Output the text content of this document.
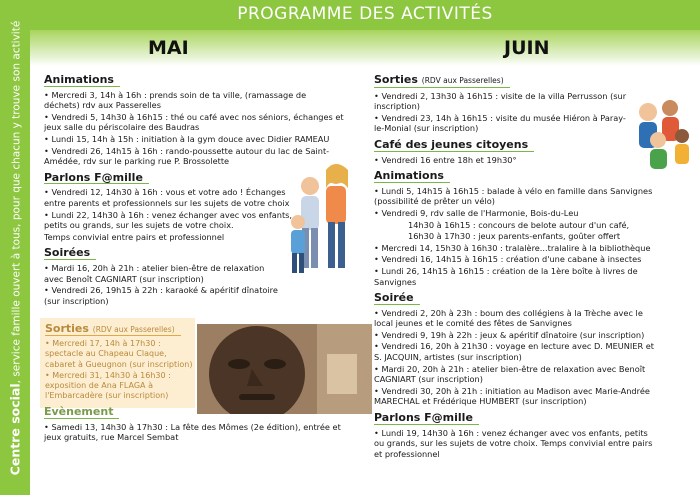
Centre social, service famille ouvert à tous, pour que chacun y trouve son activité
PROGRAMME DES ACTIVITÉS
MAI	JUIN
Animations
• Mercredi 3, 14h à 16h : prends soin de ta ville, (ramassage de déchets) rdv aux Passerelles
• Vendredi 5, 14h30 à 16h15 : thé ou café avec nos séniors, échanges et jeux salle du périscolaire des Baudras
• Lundi 15, 14h à 15h : initiation à la gym douce avec Didier RAMEAU
• Vendredi 26, 14h15 à 16h : rando-poussette autour du lac de Saint-Amédée, rdv sur le parking rue P. Brossolette
Parlons F@mille
• Vendredi 12, 14h30 à 16h : vous et votre ado ! Échanges entre parents et professionnels sur les sujets de votre choix
• Lundi 22, 14h30 à 16h : venez échanger avec vos enfants, petits ou grands, sur les sujets de votre choix.
Temps convivial entre pairs et professionnel
Soirées
• Mardi 16, 20h à 21h : atelier bien-être de relaxation avec Benoît CAGNIART (sur inscription)
• Vendredi 26, 19h15 à 22h : karaoké & apéritif dînatoire (sur inscription)
Sorties (RDV aux Passerelles)
• Mercredi 17, 14h à 17h30 : spectacle au Chapeau Claque, cabaret à Gueugnon (sur inscription)
• Mercredi 31, 14h30 à 16h30 : exposition de Ana FLAGA à l'Embarcadère (sur inscription)
Evènement
• Samedi 13, 14h30 à 17h30 : La fête des Mômes (2e édition), entrée et jeux gratuits, rue Marcel Sembat
Sorties (RDV aux Passerelles)
• Vendredi 2, 13h30 à 16h15 : visite de la villa Perrusson (sur inscription)
• Vendredi 23, 14h à 16h15 : visite du musée Hiéron à Paray-le-Monial (sur inscription)
Café des jeunes citoyens
• Vendredi 16 entre 18h et 19h30°
Animations
• Lundi 5, 14h15 à 16h15 : balade à vélo en famille dans Sanvignes (possibilité de prêter un vélo)
• Vendredi 9, rdv salle de l'Harmonie, Bois-du-Leu
14h30 à 16h15 : concours de belote autour d'un café,
16h30 à 17h30 : jeux parents-enfants, goûter offert
• Mercredi 14, 15h30 à 16h30 : tralalère...tralalire à la bibliothèque
• Vendredi 16, 14h15 à 16h15 : création d'une cabane à insectes
• Lundi 26, 14h15 à 16h15 : création de la 1ère boîte à livres de Sanvignes
Soirée
• Vendredi 2, 20h à 23h : boum des collégiens à la Trèche avec le local jeunes et le comité des fêtes de Sanvignes
• Vendredi 9, 19h à 22h : jeux & apéritif dînatoire (sur inscription)
• Vendredi 16, 20h à 21h30 : voyage en lecture avec D. MEUNIER et S. JACQUIN, artistes (sur inscription)
• Mardi 20, 20h à 21h : atelier bien-être de relaxation avec Benoît CAGNIART (sur inscription)
• Vendredi 30, 20h à 21h : initiation au Madison avec Marie-Andrée MARECHAL et Frédérique HUMBERT (sur inscription)
Parlons F@mille
• Lundi 19, 14h30 à 16h : venez échanger avec vos enfants, petits ou grands, sur les sujets de votre choix. Temps convivial entre pairs et professionnel
